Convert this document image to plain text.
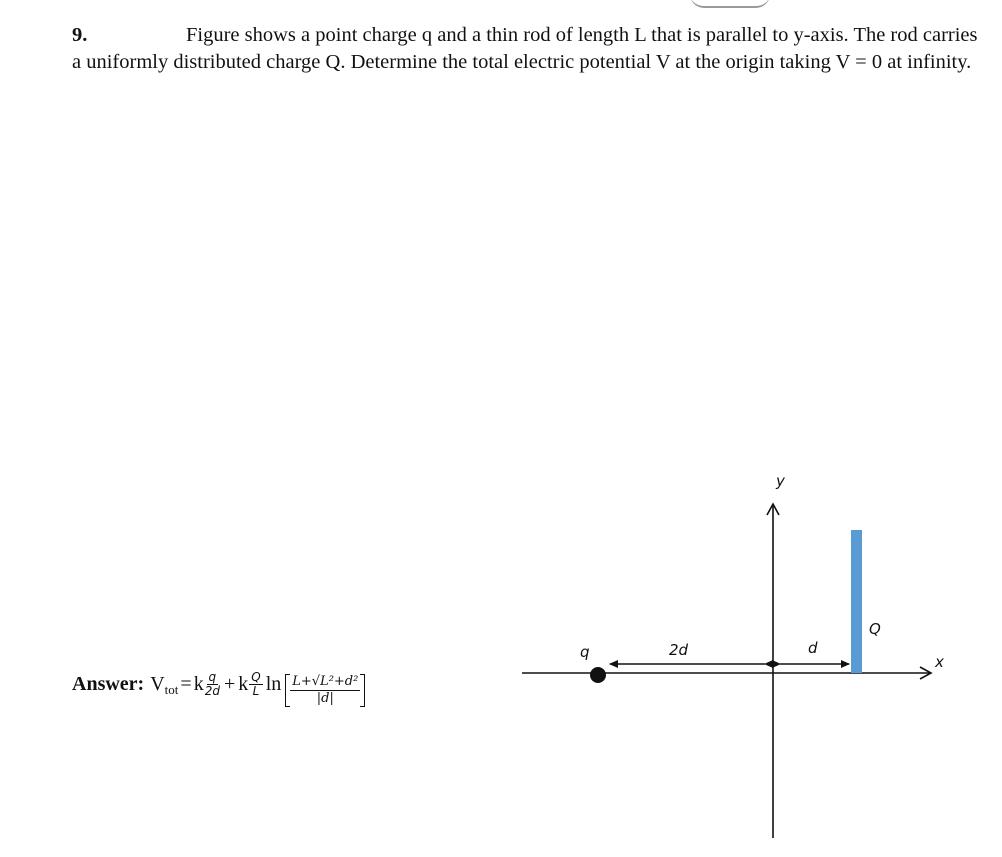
9.	Figure shows a point charge q and a thin rod of length L that is parallel to y-axis. The rod carries
a uniformly distributed charge Q. Determine the total electric potential V at the origin taking V = 0 at infinity.
Answer: V tot = k $\frac{q}{2d} + k \frac{Q}{L}$ $\ln \frac{\text{L+√L²+d²}}{|d|}$
y
x
Q
q	2d	d
